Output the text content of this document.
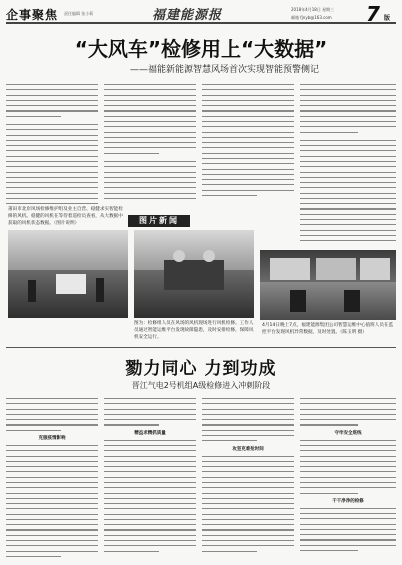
企事聚焦 责任编辑 张小莉	福建能源报	2018年4月18日 星期三
邮箱 fjnyb@163.com	7 版
“大风车”检修用上“大数据”
——福能新能源智慧风场首次实现智能预警侧记
莆田市北岸风场检修维护组及业主自营、稳健求实智能检修的风机。稳健的风机在等待着巡检员查看，从大数据中获取的风机状态数据。（图片说明）	图片新闻
图为：检修组人员在风场的风机现场进行风机检修。工作人员通过智能运维平台发现故障隐患，及时安排检修，保障风机安全运行。
4月14日晚上7点，福建能源集团公司智慧运维中心值班人员在监控平台发现风机异常数据，及时处置。（陈玉明 摄）
勠力同心 力到功成
晋江气电2号机组A级检修进入冲刺阶段
克服疫情影响
精益求精抓质量
攻坚克难抢时间
守牢安全底线
干干净净的检修
